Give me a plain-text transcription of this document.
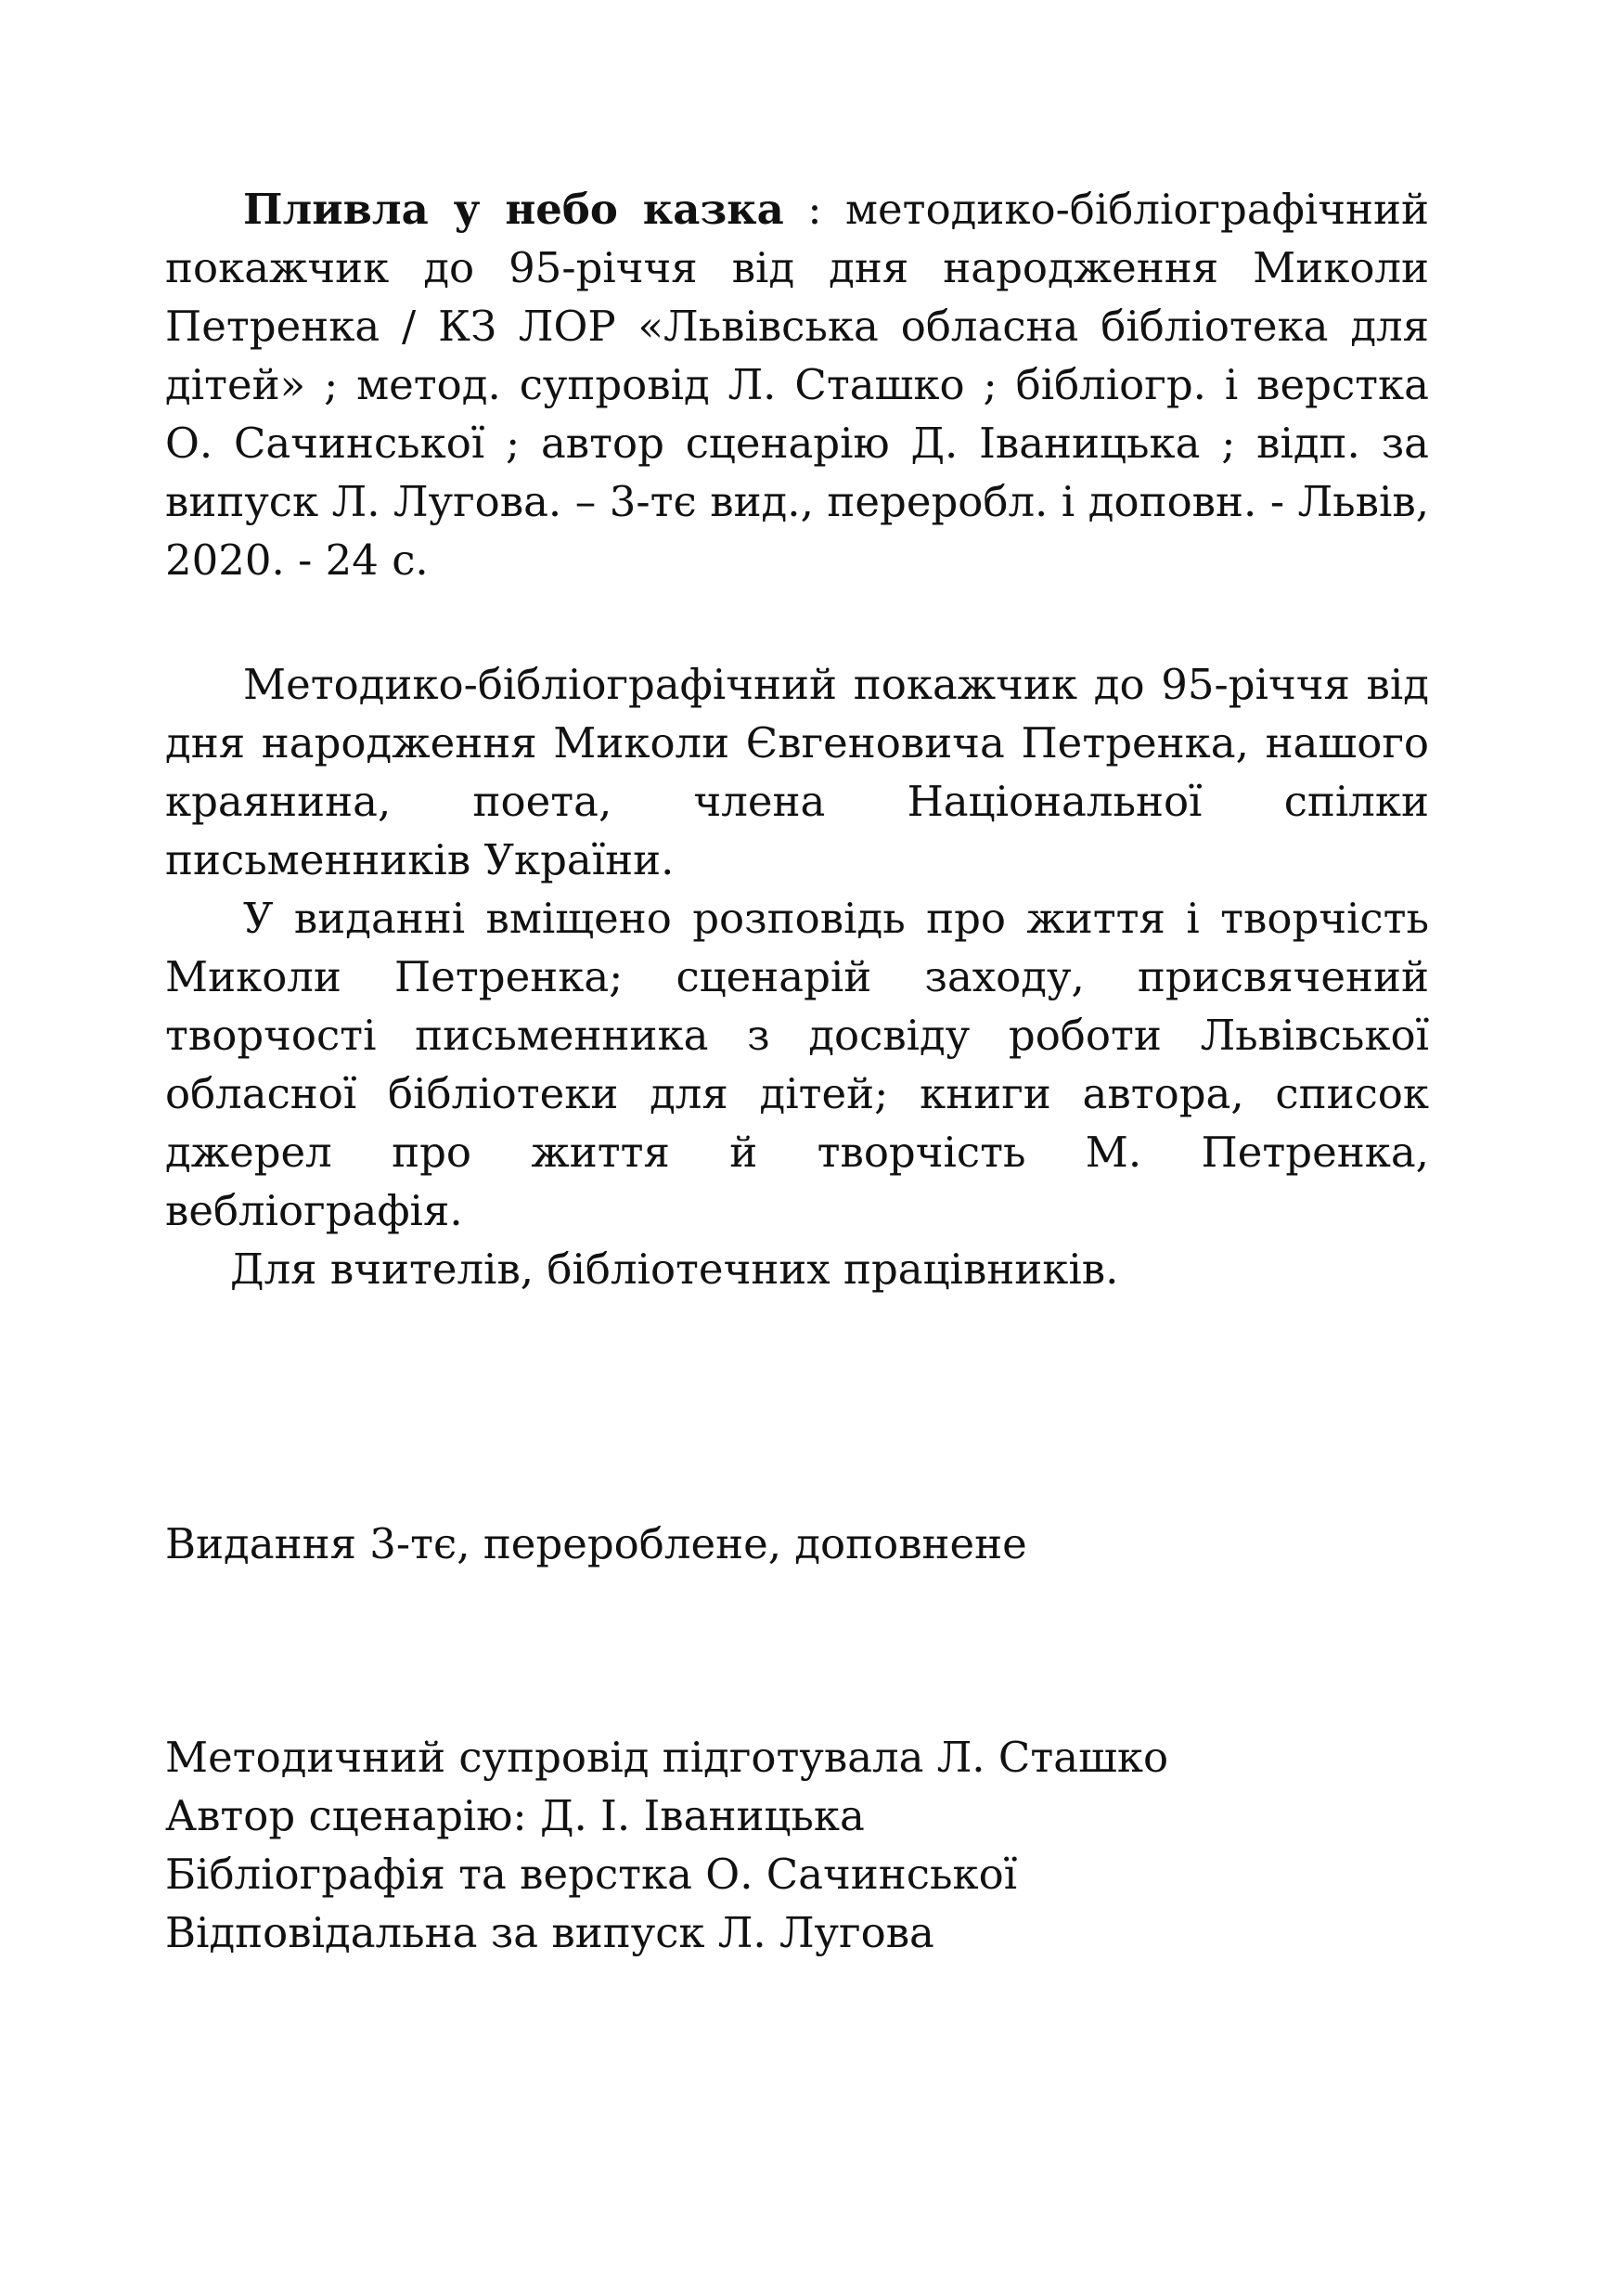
Пливла у небо казка : методико-бібліографічний покажчик до 95-річчя від дня народження Миколи Петренка / КЗ ЛОР «Львівська обласна бібліотека для дітей» ; метод. супровід Л. Сташко ; бібліогр. і верстка О. Сачинської ; автор сценарію Д. Іваницька ; відп. за випуск Л. Лугова. – 3-тє вид., переробл. і доповн. - Львів, 2020. - 24 с.

Методико-бібліографічний покажчик до 95-річчя від дня народження Миколи Євгеновича Петренка, нашого краянина, поета, члена Національної спілки письменників України.

У виданні вміщено розповідь про життя і творчість Миколи Петренка; сценарій заходу, присвячений творчості письменника з досвіду роботи Львівської обласної бібліотеки для дітей; книги автора, список джерел про життя й творчість М. Петренка, вебліографія.

Для вчителів, бібліотечних працівників.

Видання 3-тє, перероблене, доповнене
Методичний супровід підготувала Л. Сташко
Автор сценарію: Д. І. Іваницька
Бібліографія та верстка О. Сачинської
Відповідальна за випуск Л. Лугова
